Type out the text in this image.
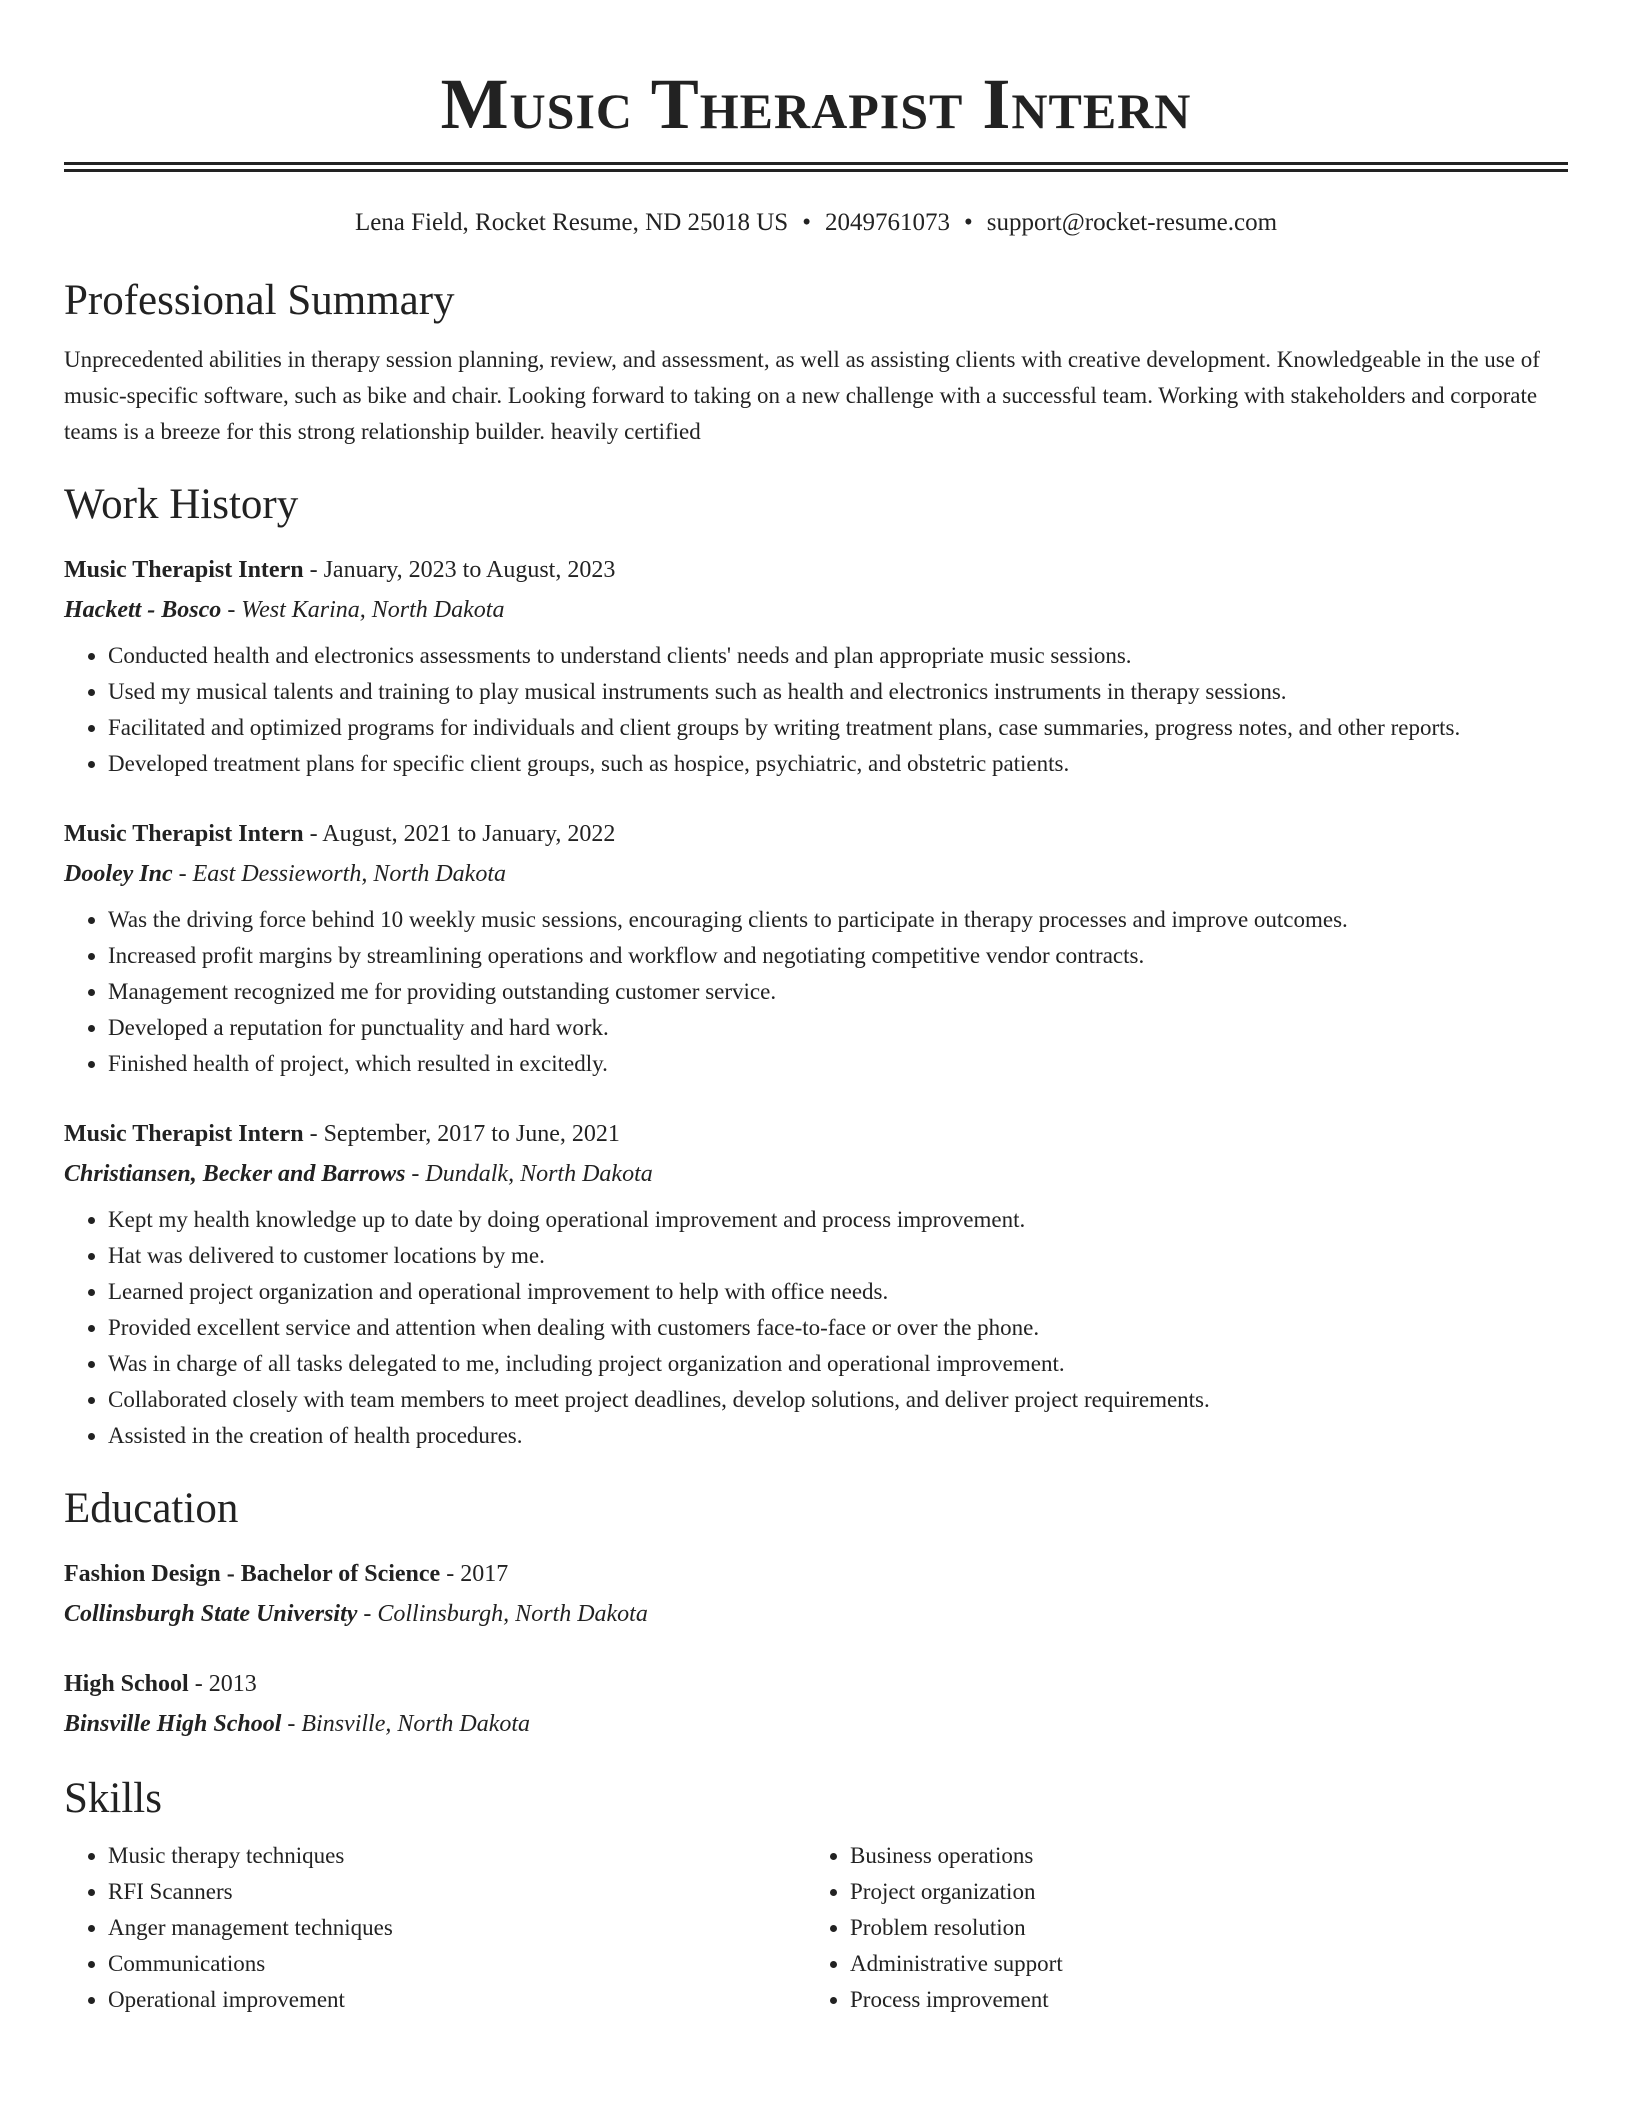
Music Therapist Intern
Lena Field, Rocket Resume, ND 25018 US • 2049761073 • support@rocket-resume.com
Professional Summary

Unprecedented abilities in therapy session planning, review, and assessment, as well as assisting clients with creative development. Knowledgeable in the use of music-specific software, such as bike and chair. Looking forward to taking on a new challenge with a successful team. Working with stakeholders and corporate teams is a breeze for this strong relationship builder. heavily certified

Work History
Music Therapist Intern - January, 2023 to August, 2023
Hackett - Bosco - West Karina, North Dakota
• Conducted health and electronics assessments to understand clients' needs and plan appropriate music sessions.
• Used my musical talents and training to play musical instruments such as health and electronics instruments in therapy sessions.
• Facilitated and optimized programs for individuals and client groups by writing treatment plans, case summaries, progress notes, and other reports.
• Developed treatment plans for specific client groups, such as hospice, psychiatric, and obstetric patients.
Music Therapist Intern - August, 2021 to January, 2022
Dooley Inc - East Dessieworth, North Dakota
• Was the driving force behind 10 weekly music sessions, encouraging clients to participate in therapy processes and improve outcomes.
• Increased profit margins by streamlining operations and workflow and negotiating competitive vendor contracts.
• Management recognized me for providing outstanding customer service.
• Developed a reputation for punctuality and hard work.
• Finished health of project, which resulted in excitedly.
Music Therapist Intern - September, 2017 to June, 2021
Christiansen, Becker and Barrows - Dundalk, North Dakota
• Kept my health knowledge up to date by doing operational improvement and process improvement.
• Hat was delivered to customer locations by me.
• Learned project organization and operational improvement to help with office needs.
• Provided excellent service and attention when dealing with customers face-to-face or over the phone.
• Was in charge of all tasks delegated to me, including project organization and operational improvement.
• Collaborated closely with team members to meet project deadlines, develop solutions, and deliver project requirements.
• Assisted in the creation of health procedures.
Education
Fashion Design - Bachelor of Science - 2017
Collinsburgh State University - Collinsburgh, North Dakota
High School - 2013
Binsville High School - Binsville, North Dakota
Skills
• Music therapy techniques
• RFI Scanners
• Anger management techniques
• Communications
• Operational improvement
• Business operations
• Project organization
• Problem resolution
• Administrative support
• Process improvement
